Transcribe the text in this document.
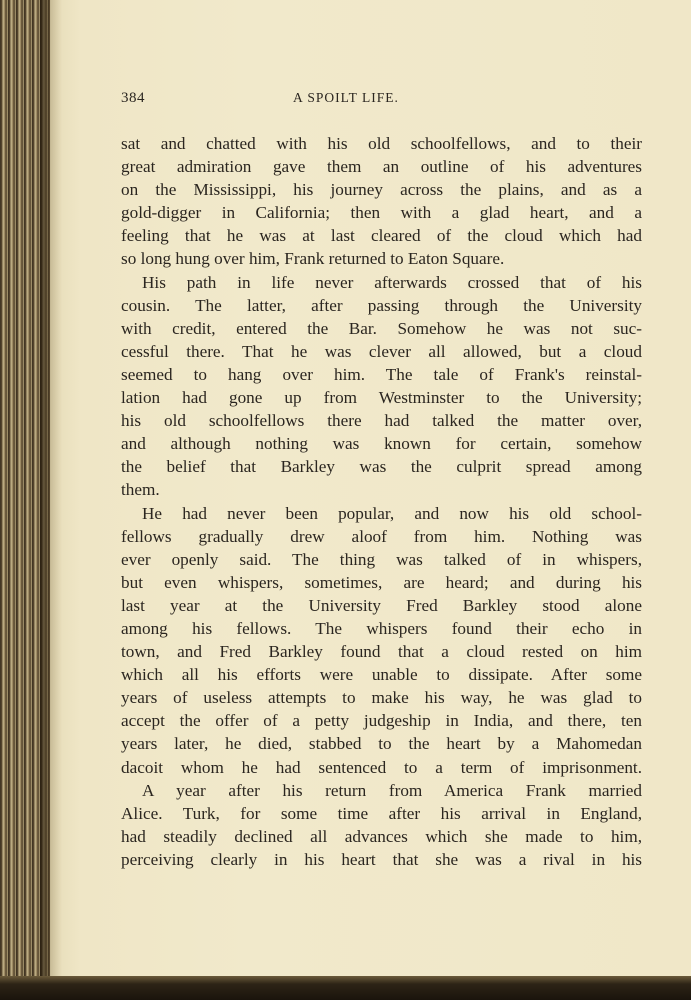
384	A SPOILT LIFE.
sat and chatted with his old schoolfellows, and to their
great admiration gave them an outline of his adventures
on the Mississippi, his journey across the plains, and as a
gold-digger in California; then with a glad heart, and a
feeling that he was at last cleared of the cloud which had
so long hung over him, Frank returned to Eaton Square.
His path in life never afterwards crossed that of his
cousin. The latter, after passing through the University
with credit, entered the Bar. Somehow he was not suc-
cessful there. That he was clever all allowed, but a cloud
seemed to hang over him. The tale of Frank's reinstal-
lation had gone up from Westminster to the University;
his old schoolfellows there had talked the matter over,
and although nothing was known for certain, somehow
the belief that Barkley was the culprit spread among
them.
He had never been popular, and now his old school-
fellows gradually drew aloof from him. Nothing was
ever openly said. The thing was talked of in whispers,
but even whispers, sometimes, are heard; and during his
last year at the University Fred Barkley stood alone
among his fellows. The whispers found their echo in
town, and Fred Barkley found that a cloud rested on him
which all his efforts were unable to dissipate. After some
years of useless attempts to make his way, he was glad to
accept the offer of a petty judgeship in India, and there, ten
years later, he died, stabbed to the heart by a Mahomedan
dacoit whom he had sentenced to a term of imprisonment.
A year after his return from America Frank married
Alice. Turk, for some time after his arrival in England,
had steadily declined all advances which she made to him,
perceiving clearly in his heart that she was a rival in his
